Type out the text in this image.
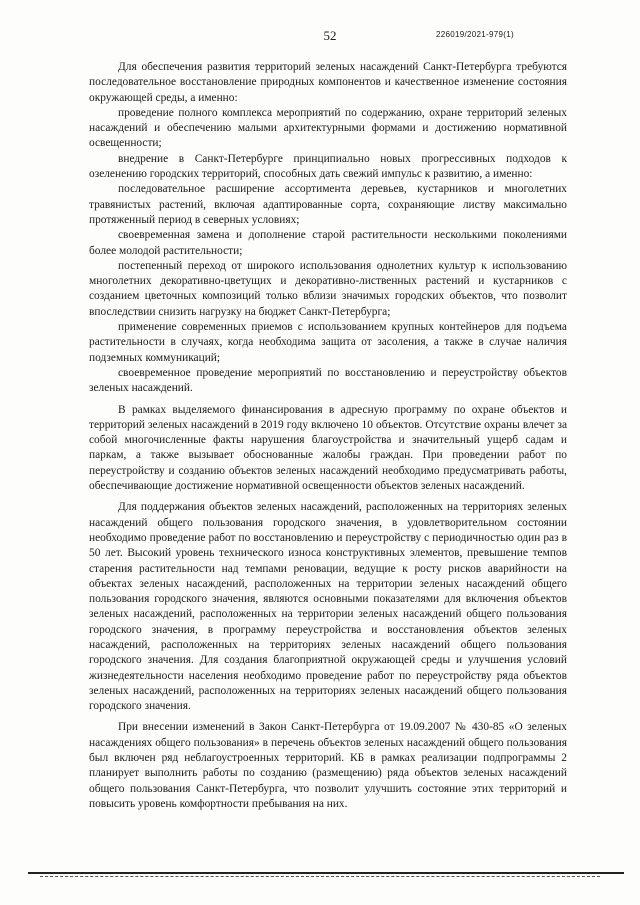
52	226019/2021-979(1)

Для обеспечения развития территорий зеленых насаждений Санкт-Петербурга требуются последовательное восстановление природных компонентов и качественное изменение состояния окружающей среды, а именно:

проведение полного комплекса мероприятий по содержанию, охране территорий зеленых насаждений и обеспечению малыми архитектурными формами и достижению нормативной освещенности;

внедрение в Санкт-Петербурге принципиально новых прогрессивных подходов к озеленению городских территорий, способных дать свежий импульс к развитию, а именно:

последовательное расширение ассортимента деревьев, кустарников и многолетних травянистых растений, включая адаптированные сорта, сохраняющие листву максимально протяженный период в северных условиях;

своевременная замена и дополнение старой растительности несколькими поколениями более молодой растительности;

постепенный переход от широкого использования однолетних культур к использованию многолетних декоративно-цветущих и декоративно-лиственных растений и кустарников с созданием цветочных композиций только вблизи значимых городских объектов, что позволит впоследствии снизить нагрузку на бюджет Санкт-Петербурга;

применение современных приемов с использованием крупных контейнеров для подъема растительности в случаях, когда необходима защита от засоления, а также в случае наличия подземных коммуникаций;

своевременное проведение мероприятий по восстановлению и переустройству объектов зеленых насаждений.

В рамках выделяемого финансирования в адресную программу по охране объектов и территорий зеленых насаждений в 2019 году включено 10 объектов. Отсутствие охраны влечет за собой многочисленные факты нарушения благоустройства и значительный ущерб садам и паркам, а также вызывает обоснованные жалобы граждан. При проведении работ по переустройству и созданию объектов зеленых насаждений необходимо предусматривать работы, обеспечивающие достижение нормативной освещенности объектов зеленых насаждений.

Для поддержания объектов зеленых насаждений, расположенных на территориях зеленых насаждений общего пользования городского значения, в удовлетворительном состоянии необходимо проведение работ по восстановлению и переустройству с периодичностью один раз в 50 лет. Высокий уровень технического износа конструктивных элементов, превышение темпов старения растительности над темпами реновации, ведущие к росту рисков аварийности на объектах зеленых насаждений, расположенных на территории зеленых насаждений общего пользования городского значения, являются основными показателями для включения объектов зеленых насаждений, расположенных на территории зеленых насаждений общего пользования городского значения, в программу переустройства и восстановления объектов зеленых насаждений, расположенных на территориях зеленых насаждений общего пользования городского значения. Для создания благоприятной окружающей среды и улучшения условий жизнедеятельности населения необходимо проведение работ по переустройству ряда объектов зеленых насаждений, расположенных на территориях зеленых насаждений общего пользования городского значения.

При внесении изменений в Закон Санкт-Петербурга от 19.09.2007 № 430-85 «О зеленых насаждениях общего пользования» в перечень объектов зеленых насаждений общего пользования был включен ряд неблагоустроенных территорий. КБ в рамках реализации подпрограммы 2 планирует выполнить работы по созданию (размещению) ряда объектов зеленых насаждений общего пользования Санкт-Петербурга, что позволит улучшить состояние этих территорий и повысить уровень комфортности пребывания на них.
